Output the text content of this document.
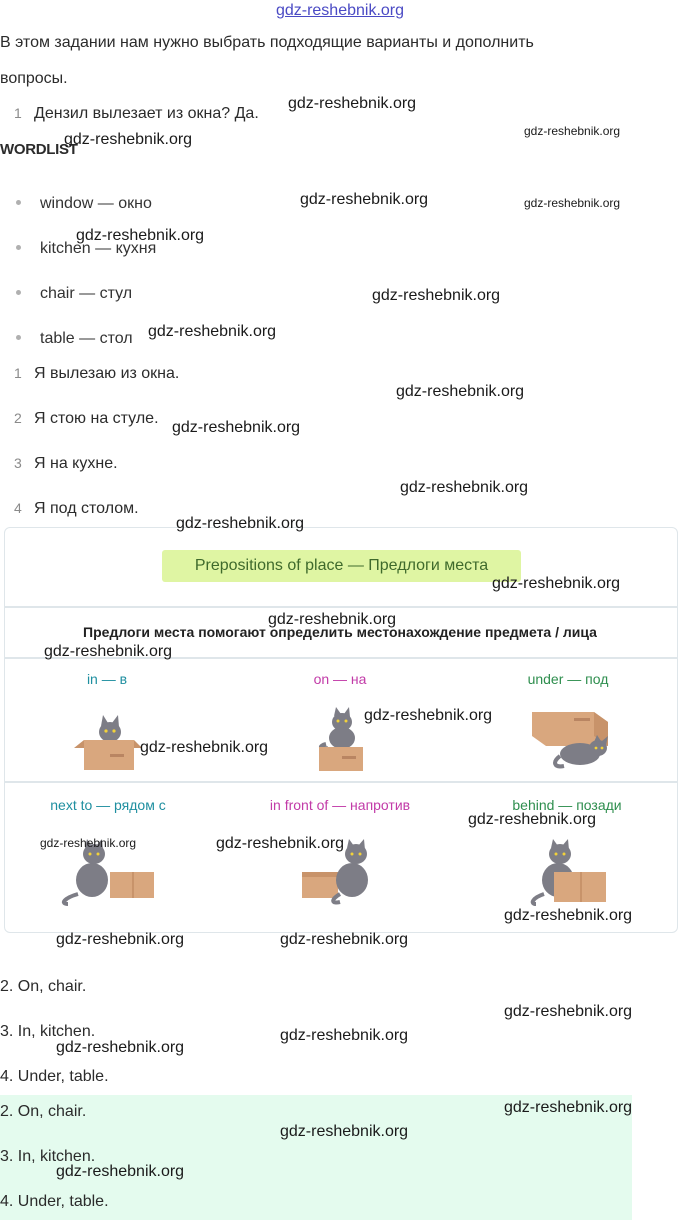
gdz-reshebnik.org
В этом задании нам нужно выбрать подходящие варианты и дополнить
вопросы.
1 Дензил вылезает из окна? Да.
WORDLIST
window — окно
kitchen — кухня
chair — стул
table — стол
1 Я вылезаю из окна.
2 Я стою на стуле.
3 Я на кухне.
4 Я под столом.
Prepositions of place — Предлоги места
Предлоги места помогают определить местонахождение предмета / лица
in — в	on — на	under — под
next to — рядом с	in front of — напротив	behind — позади
2. On, chair.
3. In, kitchen.
4. Under, table.
2. On, chair.
3. In, kitchen.
4. Under, table.
gdz-reshebnik.org
gdz-reshebnik.org	gdz-reshebnik.org
gdz-reshebnik.org	gdz-reshebnik.org
gdz-reshebnik.org
gdz-reshebnik.org
gdz-reshebnik.org
gdz-reshebnik.org
gdz-reshebnik.org
gdz-reshebnik.org
gdz-reshebnik.org
gdz-reshebnik.org
gdz-reshebnik.org
gdz-reshebnik.org
gdz-reshebnik.org
gdz-reshebnik.org
gdz-reshebnik.org
gdz-reshebnik.org	gdz-reshebnik.org
gdz-reshebnik.org
gdz-reshebnik.org	gdz-reshebnik.org
gdz-reshebnik.org
gdz-reshebnik.org
gdz-reshebnik.org
gdz-reshebnik.org
gdz-reshebnik.org
gdz-reshebnik.org
